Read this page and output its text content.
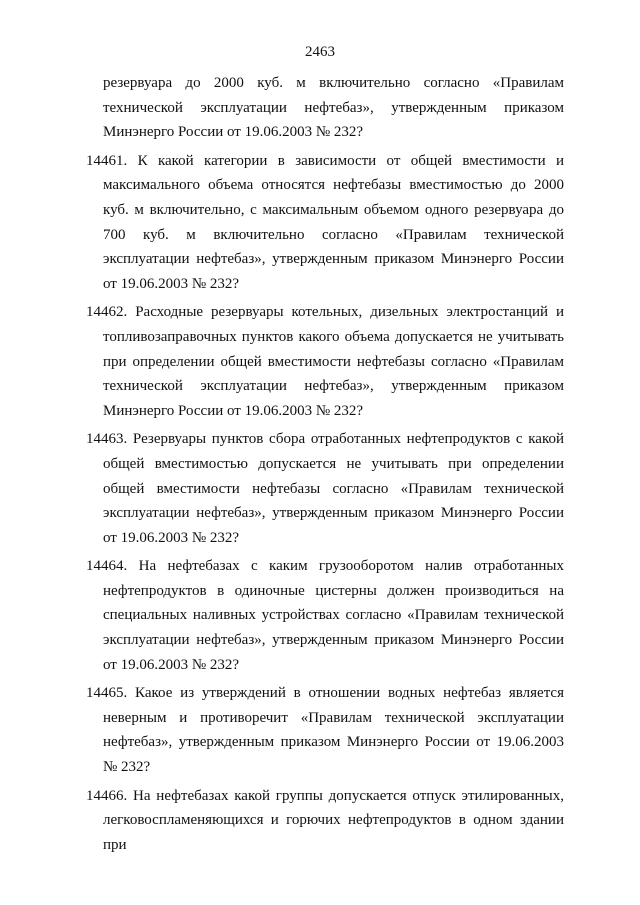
2463

резервуара до 2000 куб. м включительно согласно «Правилам технической эксплуатации нефтебаз», утвержденным приказом Минэнерго России от 19.06.2003 № 232?

14461. К какой категории в зависимости от общей вместимости и максимального объема относятся нефтебазы вместимостью до 2000 куб. м включительно, с максимальным объемом одного резервуара до 700 куб. м включительно согласно «Правилам технической эксплуатации нефтебаз», утвержденным приказом Минэнерго России от 19.06.2003 № 232?

14462. Расходные резервуары котельных, дизельных электростанций и топливозаправочных пунктов какого объема допускается не учитывать при определении общей вместимости нефтебазы согласно «Правилам технической эксплуатации нефтебаз», утвержденным приказом Минэнерго России от 19.06.2003 № 232?

14463. Резервуары пунктов сбора отработанных нефтепродуктов с какой общей вместимостью допускается не учитывать при определении общей вместимости нефтебазы согласно «Правилам технической эксплуатации нефтебаз», утвержденным приказом Минэнерго России от 19.06.2003 № 232?

14464. На нефтебазах с каким грузооборотом налив отработанных нефтепродуктов в одиночные цистерны должен производиться на специальных наливных устройствах согласно «Правилам технической эксплуатации нефтебаз», утвержденным приказом Минэнерго России от 19.06.2003 № 232?

14465. Какое из утверждений в отношении водных нефтебаз является неверным и противоречит «Правилам технической эксплуатации нефтебаз», утвержденным приказом Минэнерго России от 19.06.2003 № 232?

14466. На нефтебазах какой группы допускается отпуск этилированных, легковоспламеняющихся и горючих нефтепродуктов в одном здании при
